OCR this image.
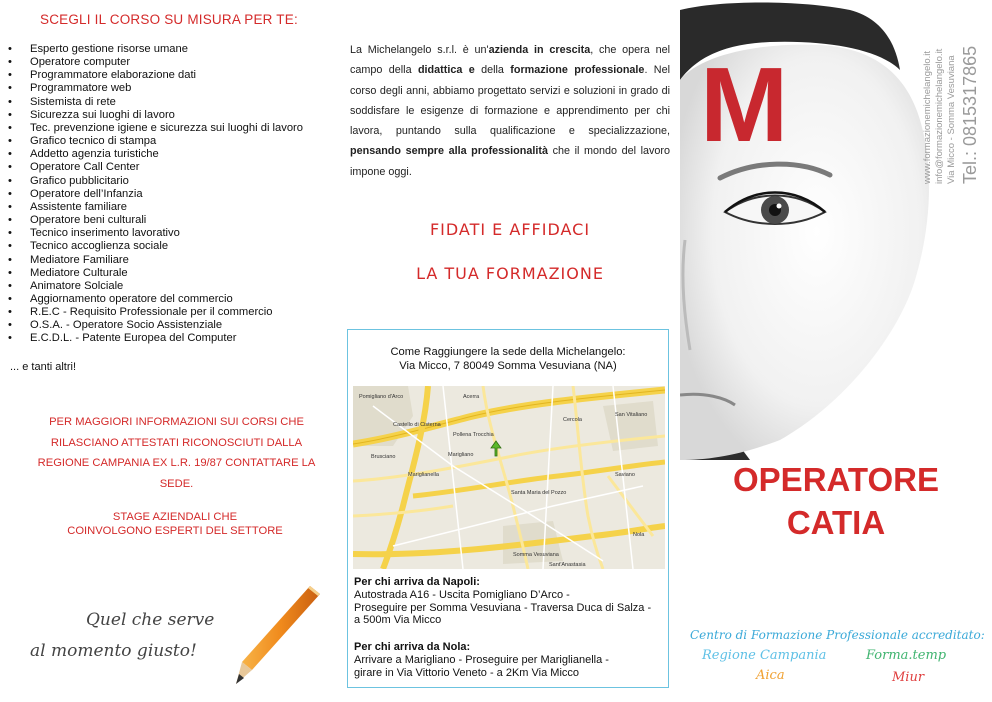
SCEGLI IL CORSO SU MISURA PER TE:
• Esperto gestione risorse umane
• Operatore computer
• Programmatore elaborazione dati
• Programmatore web
• Sistemista di rete
• Sicurezza sui luoghi di lavoro
• Tec. prevenzione igiene e sicurezza sui luoghi di lavoro
• Grafico tecnico di stampa
• Addetto agenzia turistiche
• Operatore Call Center
• Grafico pubblicitario
• Operatore dell’Infanzia
• Assistente familiare
• Operatore beni culturali
• Tecnico inserimento lavorativo
• Tecnico accoglienza sociale
• Mediatore Familiare
• Mediatore Culturale
• Animatore Solciale
• Aggiornamento operatore del commercio
• R.E.C - Requisito Professionale per il commercio
• O.S.A. - Operatore Socio Assistenziale
• E.C.D.L. - Patente Europea del Computer
... e tanti altri!
PER MAGGIORI INFORMAZIONI SUI CORSI CHE
RILASCIANO ATTESTATI RICONOSCIUTI DALLA
REGIONE CAMPANIA EX L.R. 19/87 CONTATTARE LA
SEDE.
STAGE AZIENDALI CHE
COINVOLGONO ESPERTI DEL SETTORE
Quel che serve
al momento giusto!
La Michelangelo s.r.l. è un'azienda in crescita, che opera nel campo della didattica e della formazione professionale. Nel corso degli anni, abbiamo progettato servizi e soluzioni in grado di soddisfare le esigenze di formazione e apprendimento per chi lavora, puntando sulla qualificazione e specializzazione, pensando sempre alla professionalità che il mondo del lavoro impone oggi.
FIDATI E AFFIDACI
LA TUA FORMAZIONE
Come Raggiungere la sede della Michelangelo:
Via Micco, 7 80049 Somma Vesuviana (NA)
Pomigliano d'Arco
Castello di Cisterna
Brusciano
Mariglianella
Marigliano
Somma Vesuviana
Santa Maria del Pozzo
Sant'Anastasia
Pollena Trocchia
Cercola
Acerra
Saviano
San Vitaliano
Nola
Per chi arriva da Napoli:
Autostrada A16 - Uscita Pomigliano D’Arco -
Proseguire per Somma Vesuviana - Traversa Duca di Salza -
a 500m Via Micco
Per chi arriva da Nola:
Arrivare a Marigliano - Proseguire per Mariglianella -
girare in Via Vittorio Veneto - a 2Km Via Micco
M	www.formazionemichelangelo.it info@formazionemichelangelo.it Via Micco - Somma Vesuviana Tel.: 0815317865
OPERATORE
CATIA
Centro di Formazione Professionale accreditato:
Regione Campania	Forma.temp
Aica	Miur
